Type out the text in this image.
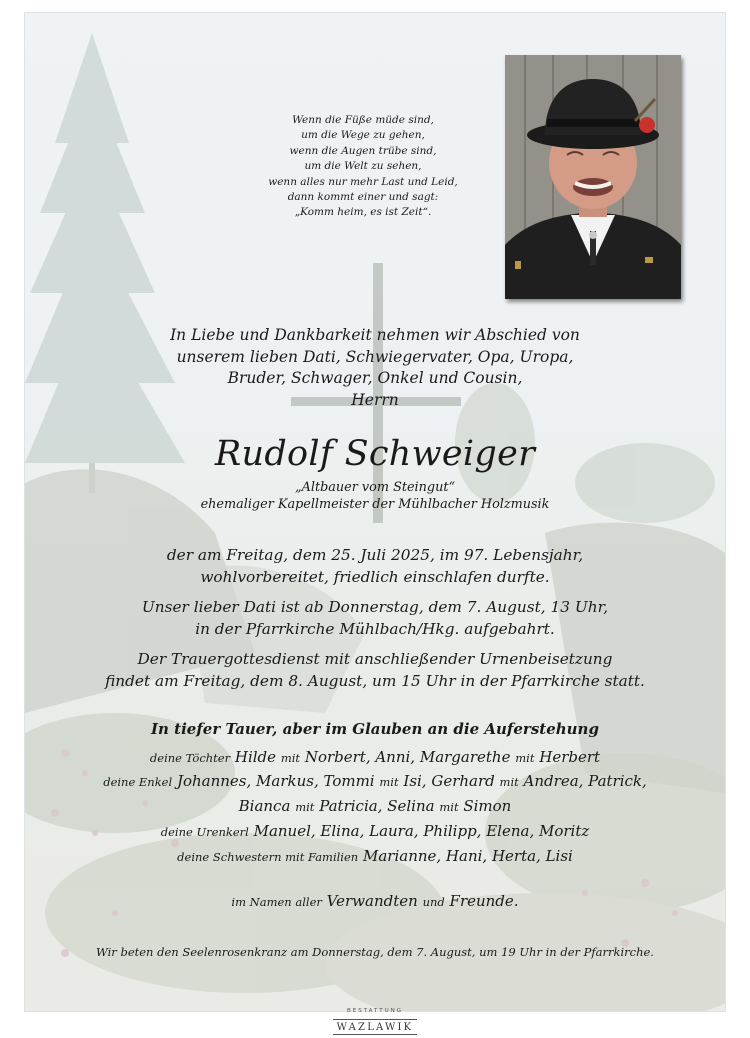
Wenn die Füße müde sind,
um die Wege zu gehen,
wenn die Augen trübe sind,
um die Welt zu sehen,
wenn alles nur mehr Last und Leid,
dann kommt einer und sagt:
„Komm heim, es ist Zeit“.
In Liebe und Dankbarkeit nehmen wir Abschied von
unserem lieben Dati, Schwiegervater, Opa, Uropa,
Bruder, Schwager, Onkel und Cousin,
Herrn
Rudolf Schweiger
„Altbauer vom Steingut“
ehemaliger Kapellmeister der Mühlbacher Holzmusik
der am Freitag, dem 25. Juli 2025, im 97. Lebensjahr,
wohlvorbereitet, friedlich einschlafen durfte.
Unser lieber Dati ist ab Donnerstag, dem 7. August, 13 Uhr,
in der Pfarrkirche Mühlbach/Hkg. aufgebahrt.
Der Trauergottesdienst mit anschließender Urnenbeisetzung
findet am Freitag, dem 8. August, um 15 Uhr in der Pfarrkirche statt.
In tiefer Tauer, aber im Glauben an die Auferstehung
deine Töchter Hilde mit Norbert, Anni, Margarethe mit Herbert
deine Enkel Johannes, Markus, Tommi mit Isi, Gerhard mit Andrea, Patrick,
Bianca mit Patricia, Selina mit Simon
deine Urenkerl Manuel, Elina, Laura, Philipp, Elena, Moritz
deine Schwestern mit Familien Marianne, Hani, Herta, Lisi
im Namen aller Verwandten und Freunde.
Wir beten den Seelenrosenkranz am Donnerstag, dem 7. August, um 19 Uhr in der Pfarrkirche.
BESTATTUNG
WAZLAWIK
